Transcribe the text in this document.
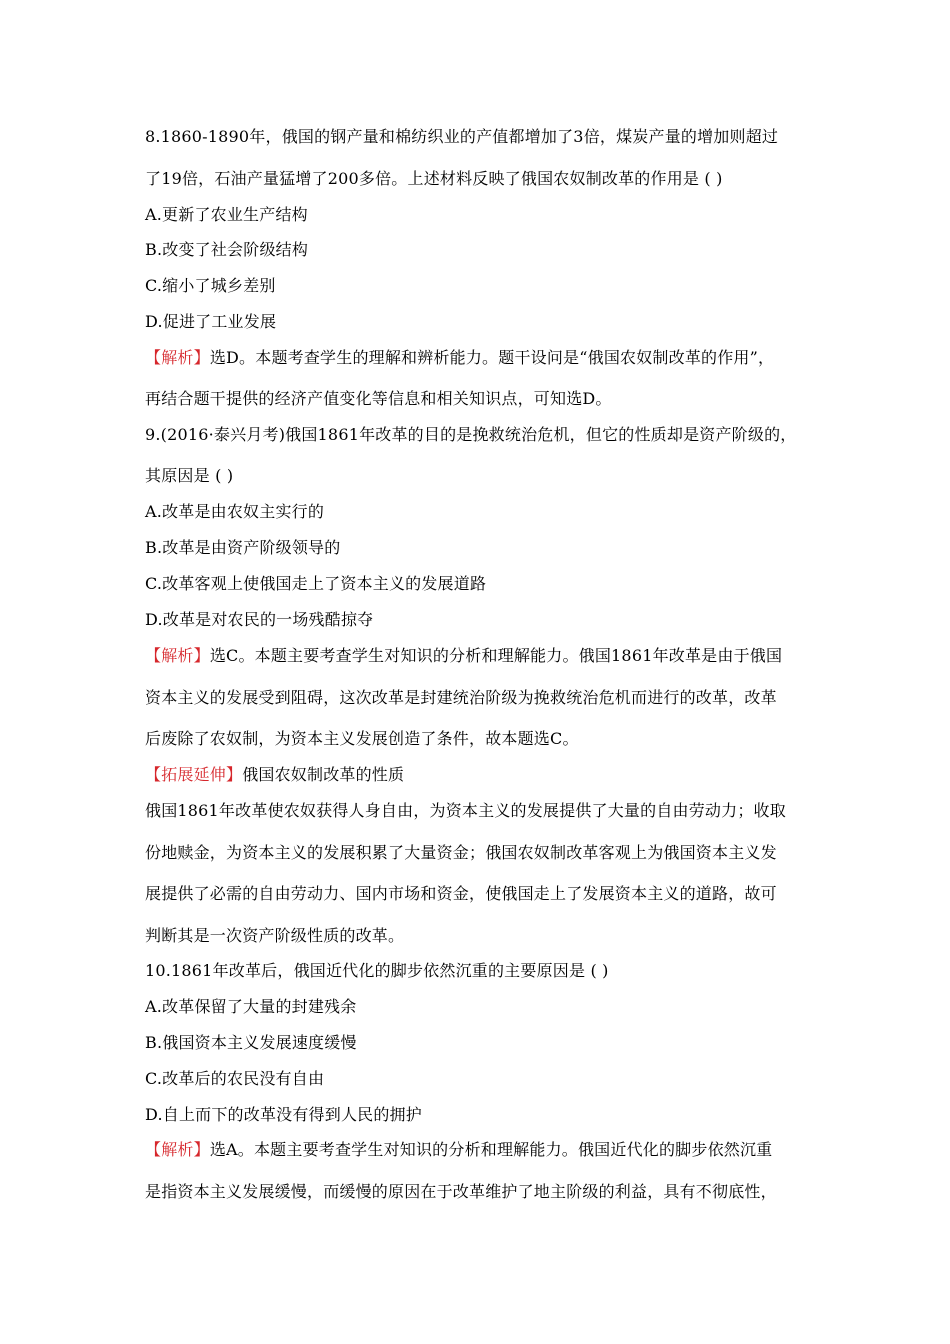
8.1860-1890年，俄国的钢产量和棉纺织业的产值都增加了3倍，煤炭产量的增加则超过
了19倍，石油产量猛增了200多倍。上述材料反映了俄国农奴制改革的作用是 ( )
A.更新了农业生产结构
B.改变了社会阶级结构
C.缩小了城乡差别
D.促进了工业发展
【解析】选D。本题考查学生的理解和辨析能力。题干设问是“俄国农奴制改革的作用”，
再结合题干提供的经济产值变化等信息和相关知识点，可知选D。
9.(2016·泰兴月考)俄国1861年改革的目的是挽救统治危机，但它的性质却是资产阶级的，
其原因是 ( )
A.改革是由农奴主实行的
B.改革是由资产阶级领导的
C.改革客观上使俄国走上了资本主义的发展道路
D.改革是对农民的一场残酷掠夺
【解析】选C。本题主要考查学生对知识的分析和理解能力。俄国1861年改革是由于俄国
资本主义的发展受到阻碍，这次改革是封建统治阶级为挽救统治危机而进行的改革，改革
后废除了农奴制，为资本主义发展创造了条件，故本题选C。
【拓展延伸】俄国农奴制改革的性质
俄国1861年改革使农奴获得人身自由，为资本主义的发展提供了大量的自由劳动力；收取
份地赎金，为资本主义的发展积累了大量资金；俄国农奴制改革客观上为俄国资本主义发
展提供了必需的自由劳动力、国内市场和资金，使俄国走上了发展资本主义的道路，故可
判断其是一次资产阶级性质的改革。
10.1861年改革后，俄国近代化的脚步依然沉重的主要原因是 ( )
A.改革保留了大量的封建残余
B.俄国资本主义发展速度缓慢
C.改革后的农民没有自由
D.自上而下的改革没有得到人民的拥护
【解析】选A。本题主要考查学生对知识的分析和理解能力。俄国近代化的脚步依然沉重
是指资本主义发展缓慢，而缓慢的原因在于改革维护了地主阶级的利益，具有不彻底性，
